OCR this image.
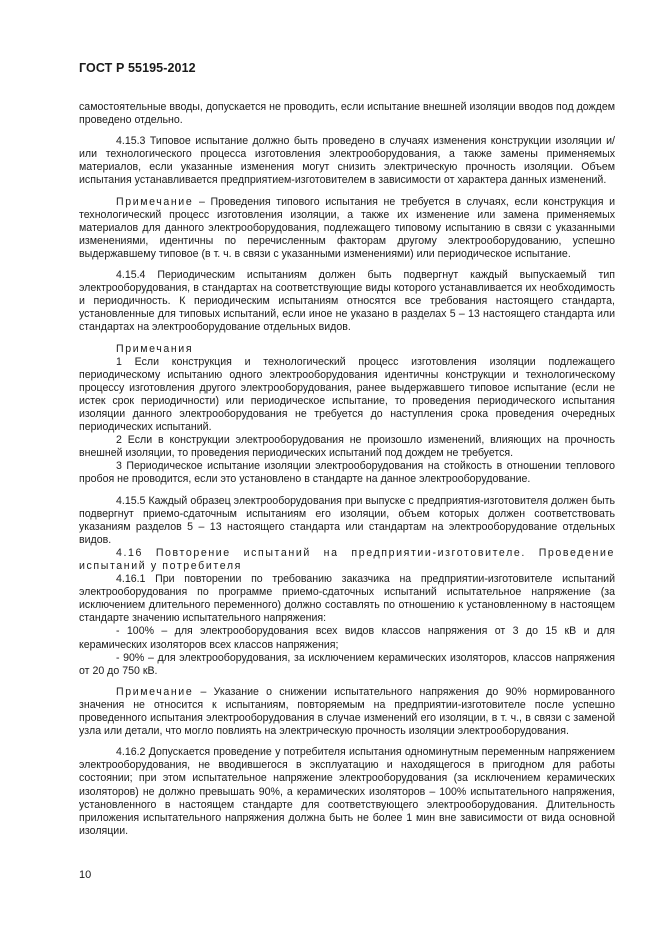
ГОСТ Р 55195-2012

самостоятельные вводы, допускается не проводить, если испытание внешней изоляции вводов под дождем проведено отдельно.

4.15.3 Типовое испытание должно быть проведено в случаях изменения конструкции изоляции и/или технологического процесса изготовления электрооборудования, а также замены применяемых материалов, если указанные изменения могут снизить электрическую прочность изоляции. Объем испытания устанавливается предприятием-изготовителем в зависимости от характера данных изменений.

Примечание – Проведения типового испытания не требуется в случаях, если конструкция и технологический процесс изготовления изоляции, а также их изменение или замена применяемых материалов для данного электрооборудования, подлежащего типовому испытанию в связи с указанными изменениями, идентичны по перечисленным факторам другому электрооборудованию, успешно выдержавшему типовое (в т. ч. в связи с указанными изменениями) или периодическое испытание.

4.15.4 Периодическим испытаниям должен быть подвергнут каждый выпускаемый тип электрооборудования, в стандартах на соответствующие виды которого устанавливается их необходимость и периодичность. К периодическим испытаниям относятся все требования настоящего стандарта, установленные для типовых испытаний, если иное не указано в разделах 5 – 13 настоящего стандарта или стандартах на электрооборудование отдельных видов.

Примечания

1 Если конструкция и технологический процесс изготовления изоляции подлежащего периодическому испытанию одного электрооборудования идентичны конструкции и технологическому процессу изготовления другого электрооборудования, ранее выдержавшего типовое испытание (если не истек срок периодичности) или периодическое испытание, то проведения периодического испытания изоляции данного электрооборудования не требуется до наступления срока проведения очередных периодических испытаний.

2 Если в конструкции электрооборудования не произошло изменений, влияющих на прочность внешней изоляции, то проведения периодических испытаний под дождем не требуется.

3 Периодическое испытание изоляции электрооборудования на стойкость в отношении теплового пробоя не проводится, если это установлено в стандарте на данное электрооборудование.

4.15.5 Каждый образец электрооборудования при выпуске с предприятия-изготовителя должен быть подвергнут приемо-сдаточным испытаниям его изоляции, объем которых должен соответствовать указаниям разделов 5 – 13 настоящего стандарта или стандартам на электрооборудование отдельных видов.

4.16 Повторение испытаний на предприятии-изготовителе. Проведение испытаний у потребителя

4.16.1 При повторении по требованию заказчика на предприятии-изготовителе испытаний электрооборудования по программе приемо-сдаточных испытаний испытательное напряжение (за исключением длительного переменного) должно составлять по отношению к установленному в настоящем стандарте значению испытательного напряжения:

- 100% – для электрооборудования всех видов классов напряжения от 3 до 15 кВ и для керамических изоляторов всех классов напряжения;

- 90% – для электрооборудования, за исключением керамических изоляторов, классов напряжения от 20 до 750 кВ.

Примечание – Указание о снижении испытательного напряжения до 90% нормированного значения не относится к испытаниям, повторяемым на предприятии-изготовителе после успешно проведенного испытания электрооборудования в случае изменений его изоляции, в т. ч., в связи с заменой узла или детали, что могло повлиять на электрическую прочность изоляции электрооборудования.

4.16.2 Допускается проведение у потребителя испытания одноминутным переменным напряжением электрооборудования, не вводившегося в эксплуатацию и находящегося в пригодном для работы состоянии; при этом испытательное напряжение электрооборудования (за исключением керамических изоляторов) не должно превышать 90%, а керамических изоляторов – 100% испытательного напряжения, установленного в настоящем стандарте для соответствующего электрооборудования. Длительность приложения испытательного напряжения должна быть не более 1 мин вне зависимости от вида основной изоляции.

10
